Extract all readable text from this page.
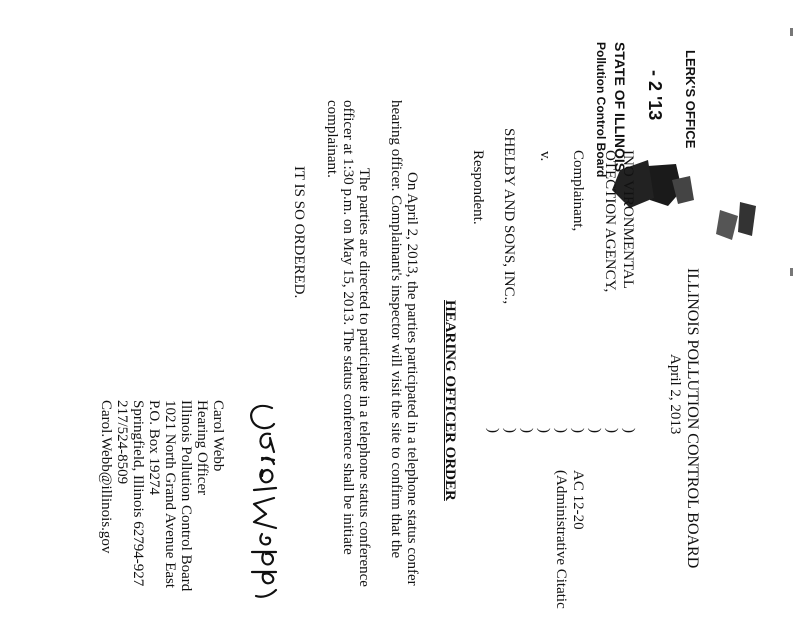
LERK'S OFFICE
- 2 '13
STATE OF ILLINOIS
Pollution Control Board
ILLINOIS POLLUTION CONTROL BOARD
April 2, 2013
INO VIRONMENTAL
OTECTION AGENCY,
Complainant,
v.
SHELBY AND SONS, INC.,
Respondent.
)
)
)
)
)
)
)
)
)
AC 12-20
(Administrative Citatic
HEARING OFFICER ORDER
On April 2, 2013, the parties participated in a telephone status confer
hearing officer. Complainant's inspector will visit the site to confirm that the
The parties are directed to participate in a telephone status conference
officer at 1:30 p.m. on May 15, 2013. The status conference shall be initiate
complainant.
IT IS SO ORDERED.
Carol Webb
Hearing Officer
Illinois Pollution Control Board
1021 North Grand Avenue East
P.O. Box 19274
Springfield, Illinois 62794-927
217/524-8509
Carol.Webb@illinois.gov
